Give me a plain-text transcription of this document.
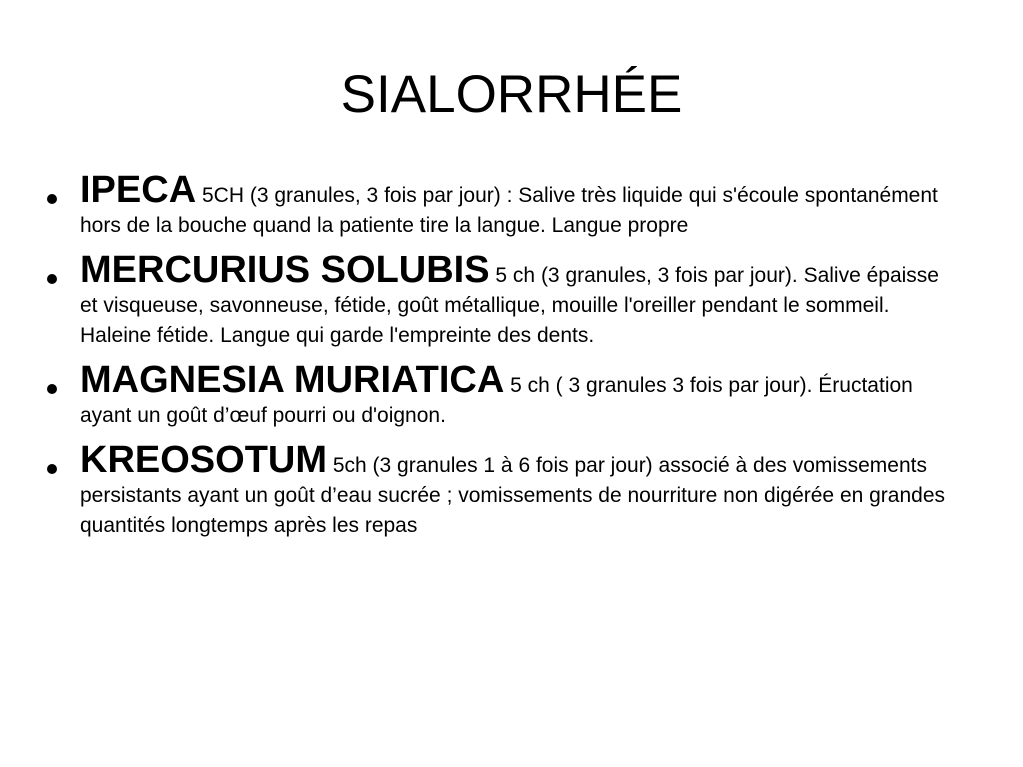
SIALORRHÉE
IPECA 5CH (3 granules, 3 fois par jour) : Salive très liquide qui s'écoule spontanément hors de la bouche quand la patiente tire la langue. Langue propre
MERCURIUS SOLUBIS 5 ch (3 granules, 3 fois par jour). Salive épaisse et visqueuse, savonneuse, fétide, goût métallique, mouille l'oreiller pendant le sommeil. Haleine fétide. Langue qui garde l'empreinte des dents.
MAGNESIA MURIATICA 5 ch ( 3 granules 3 fois par jour). Éructation ayant un goût d’œuf pourri ou d'oignon.
KREOSOTUM 5ch (3 granules 1 à 6 fois par jour) associé à des vomissements persistants ayant un goût d’eau sucrée ; vomissements de nourriture non digérée en grandes quantités longtemps après les repas
